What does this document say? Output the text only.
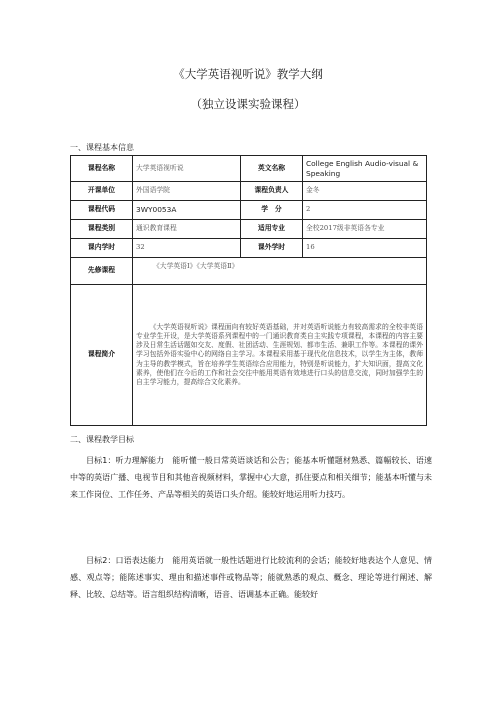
《大学英语视听说》教学大纲
（独立设课实验课程）
一、课程基本信息
课程名称	大学英语视听说	英文名称	College English Audio-visual & Speaking
开课单位	外国语学院	课程负责人	金冬
课程代码	3WY0053A	学　分	2
课程类别	通识教育课程	适用专业	全校2017级非英语各专业
课内学时	32	课外学时	16
先修课程	《大学英语Ⅰ》《大学英语Ⅱ》		
课程简介	《大学英语视听说》课程面向有较好英语基础，并对英语听说能力有较高需求的全校非英语专业学生开设，是大学英语系列课程中的一门通识教育类自主实践专项课程，本课程的内容主要涉及日常生活话题如交友、度假、社团活动、生涯规划、都市生活、兼职工作等。本课程的课外学习包括外语实验中心的网络自主学习。本课程采用基于现代化信息技术，以学生为主体，教师为主导的教学模式，旨在培养学生英语综合应用能力，特别是听说能力，扩大知识面，提高文化素养，使他们在今后的工作和社会交往中能用英语有效地进行口头的信息交流，同时加强学生的自主学习能力，提高综合文化素养。		
二、课程教学目标
目标1：听力理解能力　能听懂一般日常英语谈话和公告；能基本听懂题材熟悉、篇幅较长、语速中等的英语广播、电视节目和其他音视频材料，掌握中心大意，抓住要点和相关细节；能基本听懂与未来工作岗位、工作任务、产品等相关的英语口头介绍。能较好地运用听力技巧。
目标2：口语表达能力　能用英语就一般性话题进行比较流利的会话；能较好地表达个人意见、情感、观点等；能陈述事实、理由和描述事件或物品等；能就熟悉的观点、概念、理论等进行阐述、解释、比较、总结等。语言组织结构清晰，语音、语调基本正确。能较好
